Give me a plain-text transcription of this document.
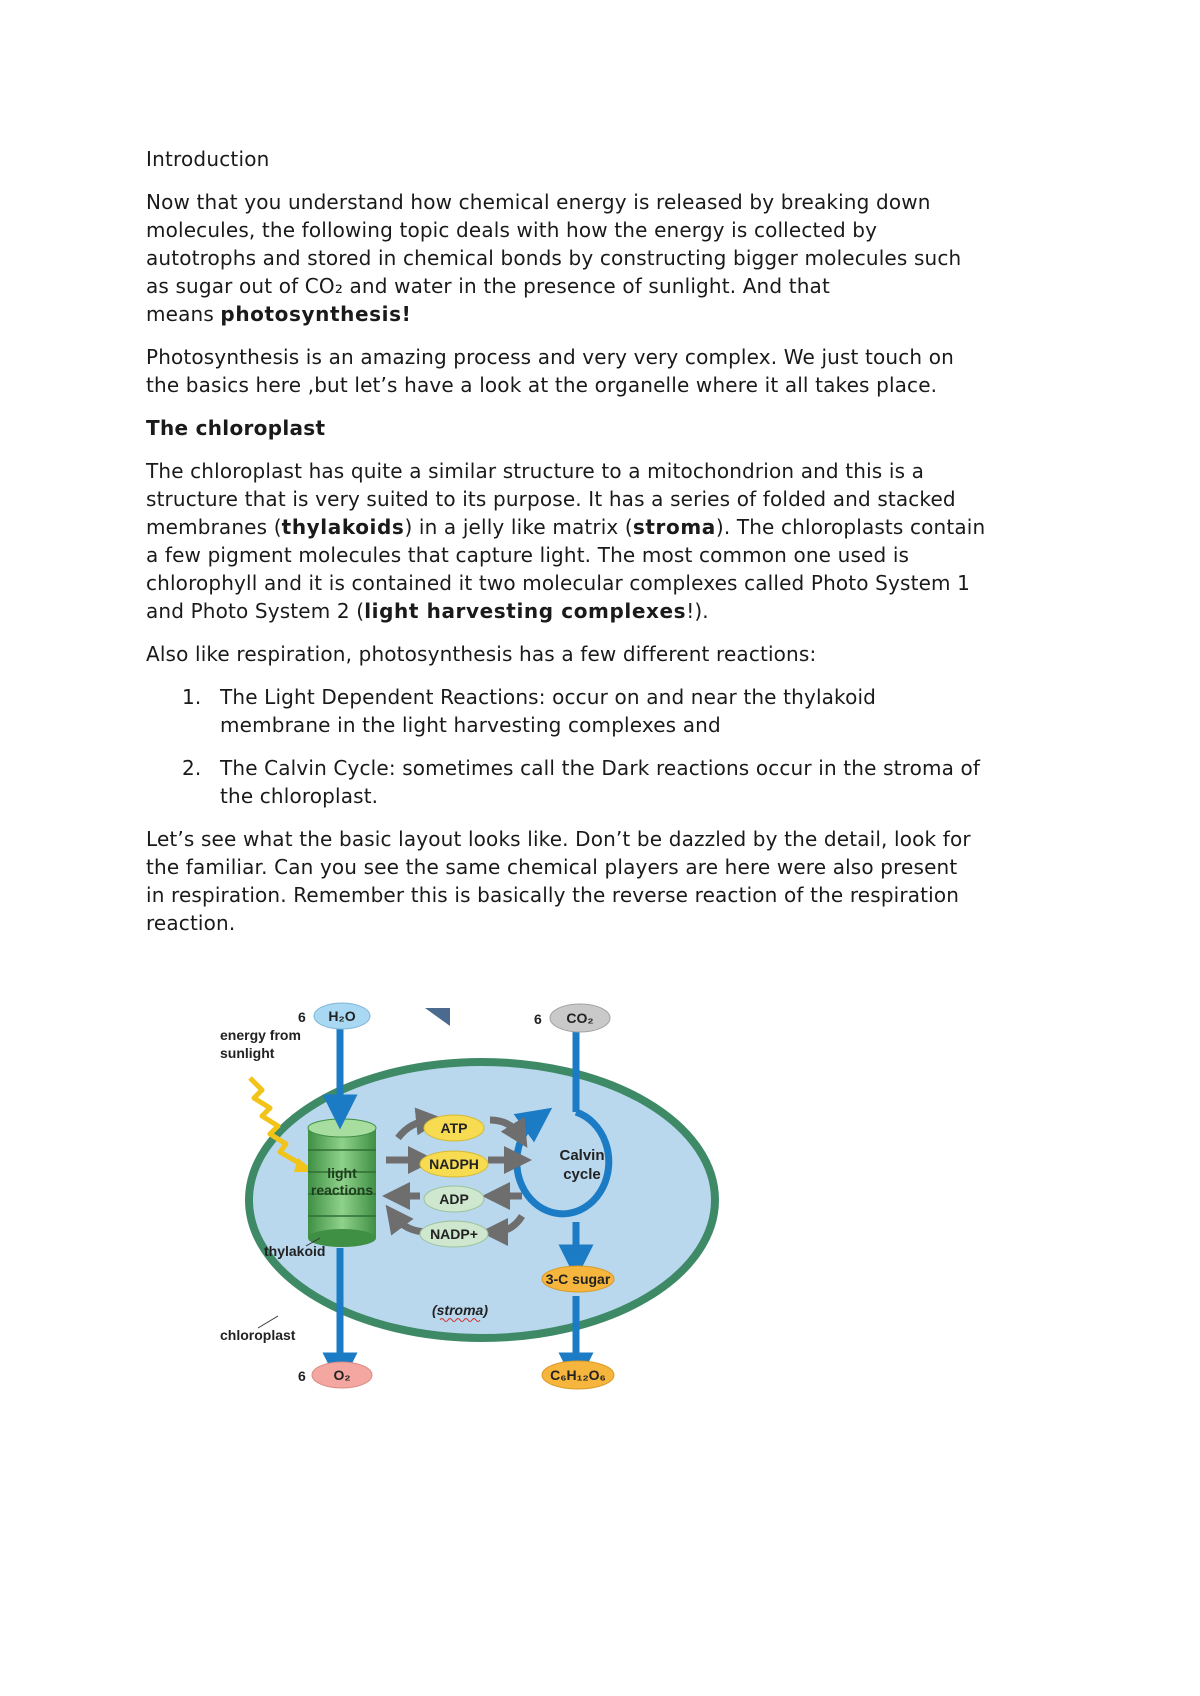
Introduction

Now that you understand how chemical energy is released by breaking down
molecules, the following topic deals with how the energy is collected by
autotrophs and stored in chemical bonds by constructing bigger molecules such
as sugar out of CO₂ and water in the presence of sunlight. And that
means photosynthesis!

Photosynthesis is an amazing process and very very complex. We just touch on
the basics here ,but let’s have a look at the organelle where it all takes place.

The chloroplast

The chloroplast has quite a similar structure to a mitochondrion and this is a
structure that is very suited to its purpose. It has a series of folded and stacked
membranes (thylakoids) in a jelly like matrix (stroma). The chloroplasts contain
a few pigment molecules that capture light. The most common one used is
chlorophyll and it is contained it two molecular complexes called Photo System 1
and Photo System 2 (light harvesting complexes!).

Also like respiration, photosynthesis has a few different reactions:

1. The Light Dependent Reactions: occur on and near the thylakoid
membrane in the light harvesting complexes and
2. The Calvin Cycle: sometimes call the Dark reactions occur in the stroma of
the chloroplast.

Let’s see what the basic layout looks like. Don’t be dazzled by the detail, look for
the familiar. Can you see the same chemical players are here were also present
in respiration. Remember this is basically the reverse reaction of the respiration
reaction.

6 H₂O	6 CO₂
energy from
sunlight
light
reactions
thylakoid
chloroplast
ATP
NADPH
ADP
NADP+
Calvin
cycle
3-C sugar
(stroma)
6 O₂	C₆H₁₂O₆
